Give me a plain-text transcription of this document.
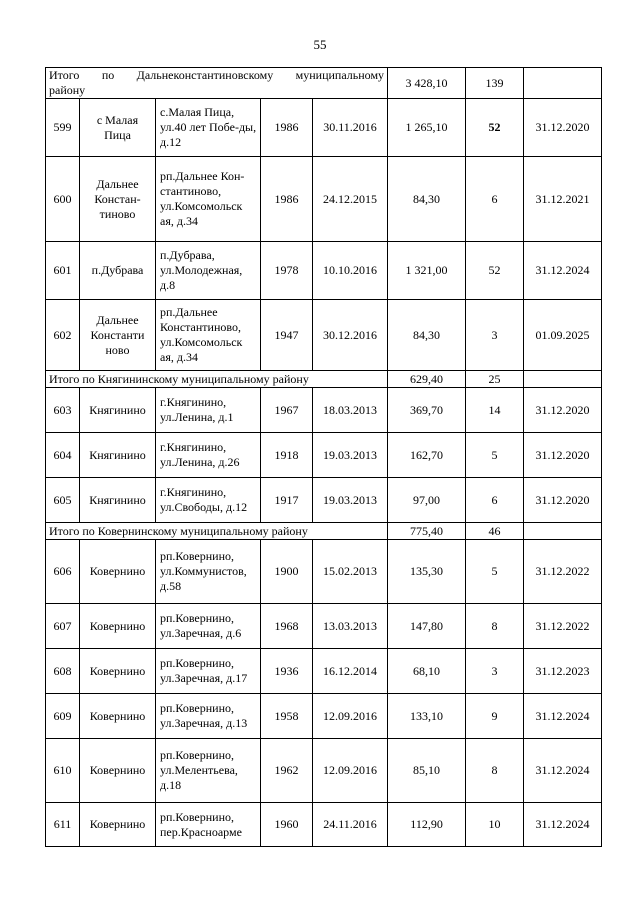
55
Итого по Дальнеконстантиновскому муниципальному
району					3 428,10	139	
599	с Малая Пица	с.Малая Пица, ул.40 лет Побе-ды, д.12	1986	30.11.2016	1 265,10	52	31.12.2020
600	Дальнее Констан-тиново	рп.Дальнее Кон-стантиново, ул.Комсомольск ая, д.34	1986	24.12.2015	84,30	6	31.12.2021
601	п.Дубрава	п.Дубрава, ул.Молодежная, д.8	1978	10.10.2016	1 321,00	52	31.12.2024
602	Дальнее Константи ново	рп.Дальнее Константиново, ул.Комсомольск ая, д.34	1947	30.12.2016	84,30	3	01.09.2025
Итого по Княгининскому муниципальному району					629,40	25	
603	Княгинино	г.Княгинино, ул.Ленина, д.1	1967	18.03.2013	369,70	14	31.12.2020
604	Княгинино	г.Княгинино, ул.Ленина, д.26	1918	19.03.2013	162,70	5	31.12.2020
605	Княгинино	г.Княгинино, ул.Свободы, д.12	1917	19.03.2013	97,00	6	31.12.2020
Итого по Ковернинскому муниципальному району					775,40	46	
606	Ковернино	рп.Ковернино, ул.Коммунистов, д.58	1900	15.02.2013	135,30	5	31.12.2022
607	Ковернино	рп.Ковернино, ул.Заречная, д.6	1968	13.03.2013	147,80	8	31.12.2022
608	Ковернино	рп.Ковернино, ул.Заречная, д.17	1936	16.12.2014	68,10	3	31.12.2023
609	Ковернино	рп.Ковернино, ул.Заречная, д.13	1958	12.09.2016	133,10	9	31.12.2024
610	Ковернино	рп.Ковернино, ул.Мелентьева, д.18	1962	12.09.2016	85,10	8	31.12.2024
611	Ковернино	рп.Ковернино, пер.Красноарме	1960	24.11.2016	112,90	10	31.12.2024
